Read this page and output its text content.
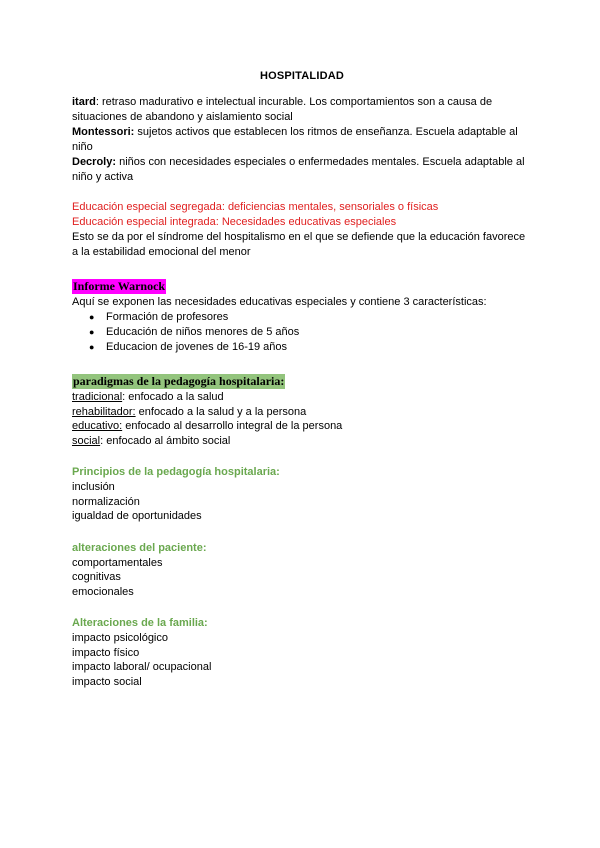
HOSPITALIDAD

itard: retraso madurativo e intelectual incurable. Los comportamientos son a causa de situaciones de abandono y aislamiento social

Montessori: sujetos activos que establecen los ritmos de enseñanza. Escuela adaptable al niño

Decroly: niños con necesidades especiales o enfermedades mentales. Escuela adaptable al niño y activa

Educación especial segregada: deficiencias mentales, sensoriales o físicas

Educación especial integrada: Necesidades educativas especiales

Esto se da por el síndrome del hospitalismo en el que se defiende que la educación favorece a la estabilidad emocional del menor

Informe Warnock

Aquí se exponen las necesidades educativas especiales y contiene 3 características:

● Formación de profesores
● Educación de niños menores de 5 años
● Educacion de jovenes de 16-19 años
paradigmas de la pedagogía hospitalaria:

tradicional: enfocado a la salud

rehabilitador: enfocado a la salud y a la persona

educativo: enfocado al desarrollo integral de la persona

social: enfocado al ámbito social

Principios de la pedagogía hospitalaria:

inclusión

normalización

igualdad de oportunidades

alteraciones del paciente:

comportamentales

cognitivas

emocionales

Alteraciones de la familia:

impacto psicológico

impacto físico

impacto laboral/ ocupacional

impacto social
